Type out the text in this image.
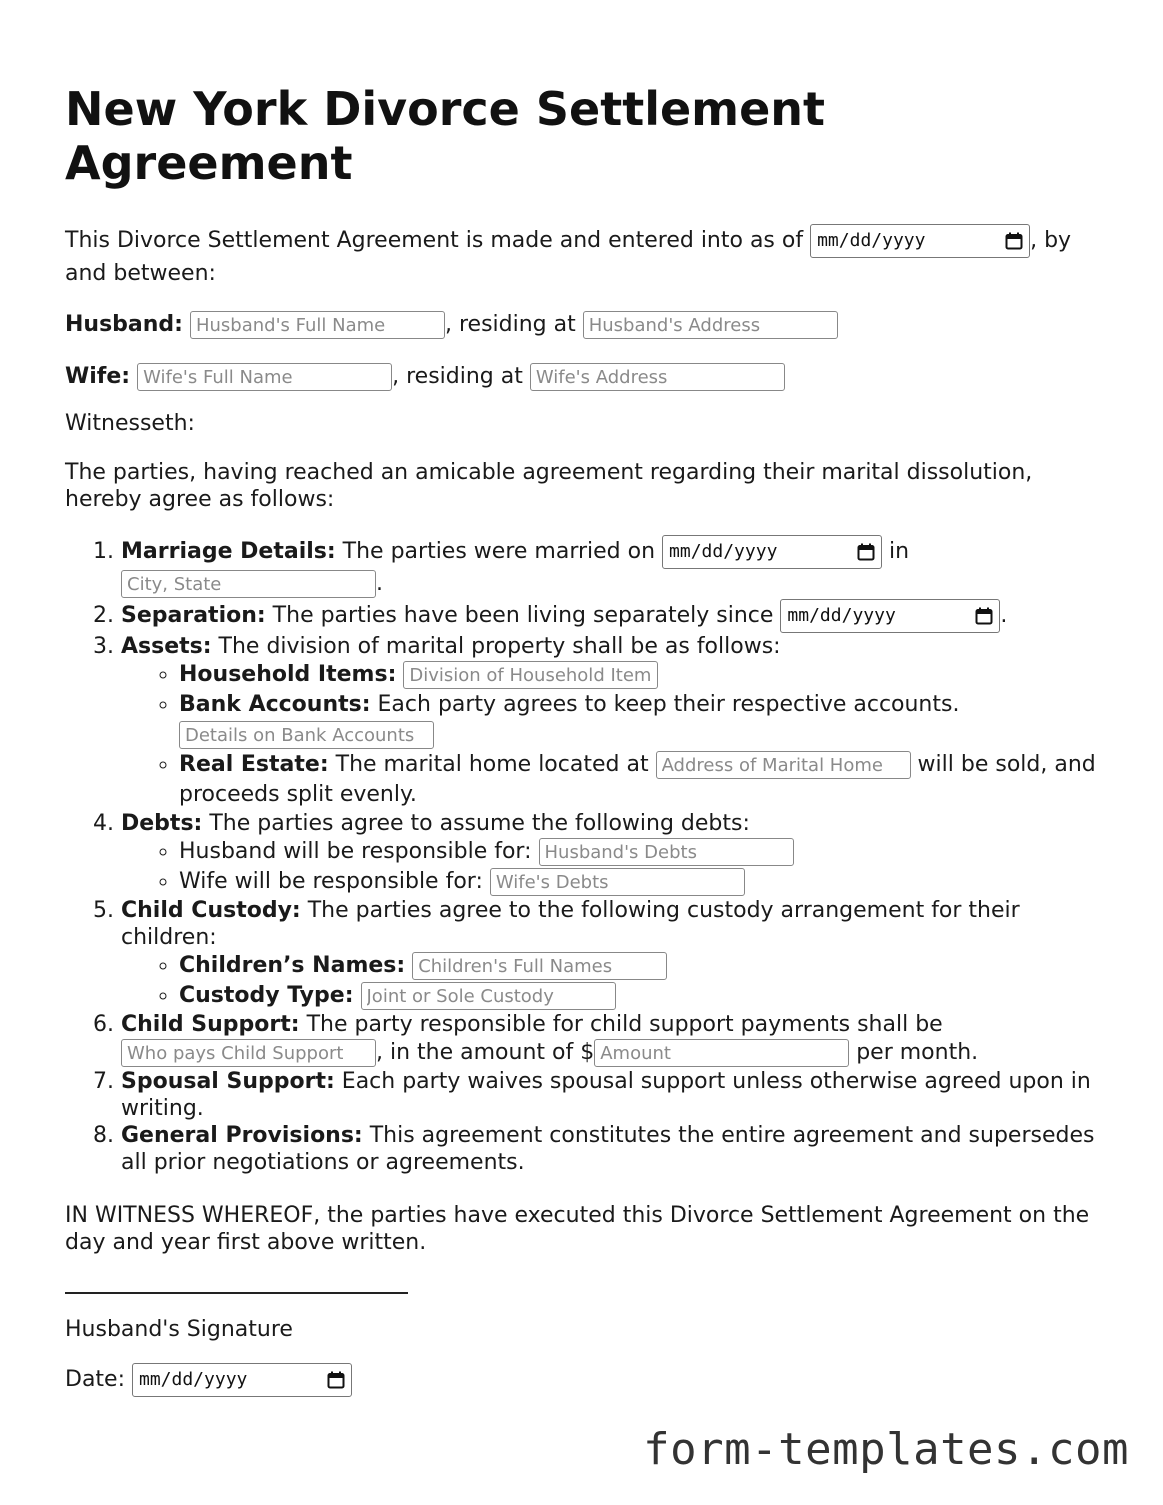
New York Divorce Settlement Agreement

This Divorce Settlement Agreement is made and entered into as of mm/dd/yyyy	, by and between:

Husband: Husband's Full Name	, residing at Husband's Address

Wife: Wife's Full Name	, residing at Wife's Address

Witnesseth:

The parties, having reached an amicable agreement regarding their marital dissolution, hereby agree as follows:

1. Marriage Details: The parties were married on mm/dd/yyyy	in
City, State.
2. Separation: The parties have been living separately since mm/dd/yyyy	.
3. Assets: The division of marital property shall be as follows:
◦ Household Items: Division of Household Items
◦ Bank Accounts: Each party agrees to keep their respective accounts.
Details on Bank Accounts
◦ Real Estate: The marital home located at Address of Marital Home	will be sold, and proceeds split evenly.
4. Debts: The parties agree to assume the following debts:
◦ Husband will be responsible for: Husband's Debts
◦ Wife will be responsible for: Wife's Debts
5. Child Custody: The parties agree to the following custody arrangement for their children:
◦ Children’s Names: Children's Full Names
◦ Custody Type: Joint or Sole Custody
6. Child Support: The party responsible for child support payments shall be
Who pays Child Support, in the amount of $Amount	per month.
7. Spousal Support: Each party waives spousal support unless otherwise agreed upon in writing.
8. General Provisions: This agreement constitutes the entire agreement and supersedes all prior negotiations or agreements.

IN WITNESS WHEREOF, the parties have executed this Divorce Settlement Agreement on the day and year first above written.

Husband's Signature

Date: mm/dd/yyyy

form-templates.com
